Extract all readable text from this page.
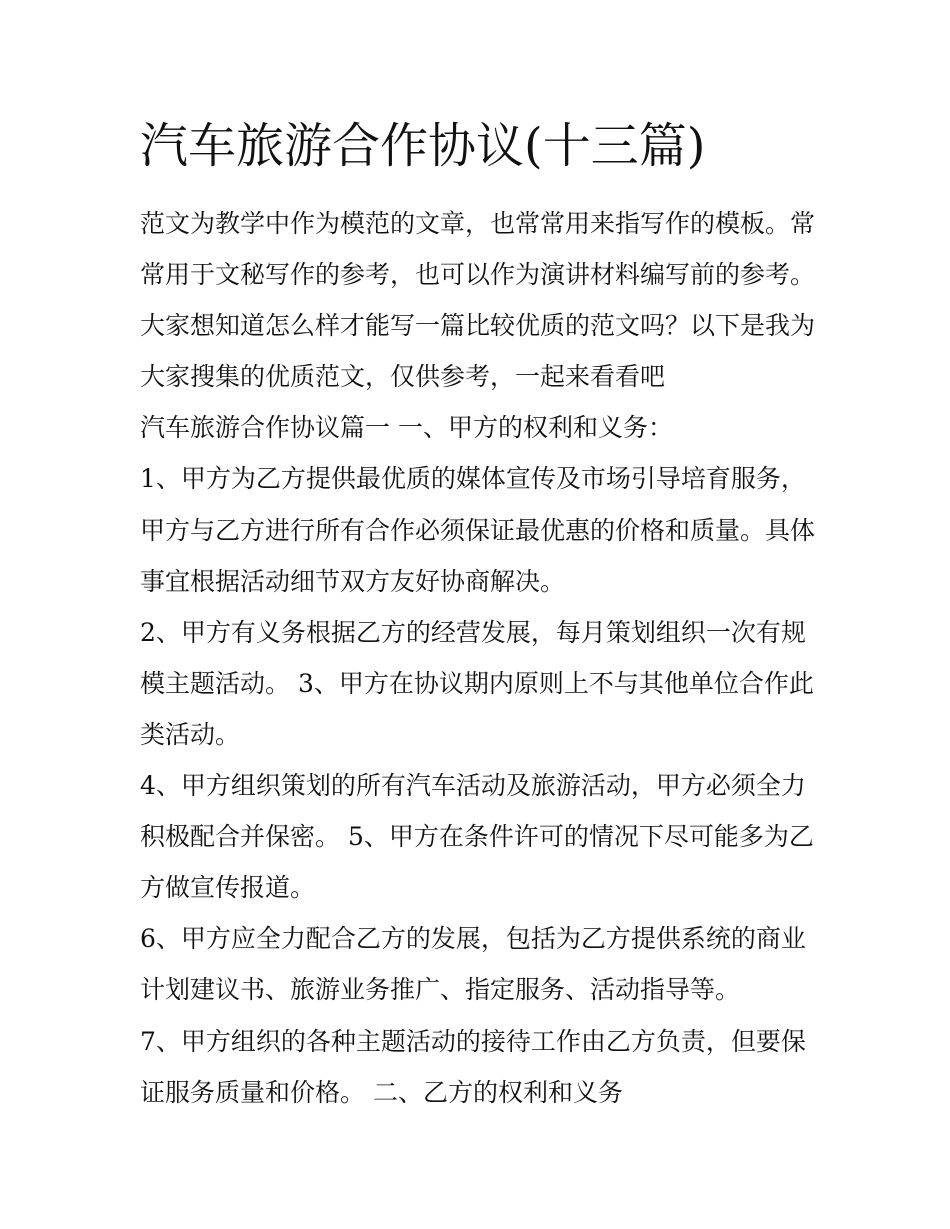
汽车旅游合作协议(十三篇)
范文为教学中作为模范的文章，也常常用来指写作的模板。常
常用于文秘写作的参考，也可以作为演讲材料编写前的参考。
大家想知道怎么样才能写一篇比较优质的范文吗？以下是我为
大家搜集的优质范文，仅供参考，一起来看看吧
汽车旅游合作协议篇一 一、甲方的权利和义务：
1、甲方为乙方提供最优质的媒体宣传及市场引导培育服务，
甲方与乙方进行所有合作必须保证最优惠的价格和质量。具体
事宜根据活动细节双方友好协商解决。
2、甲方有义务根据乙方的经营发展，每月策划组织一次有规
模主题活动。 3、甲方在协议期内原则上不与其他单位合作此
类活动。
4、甲方组织策划的所有汽车活动及旅游活动，甲方必须全力
积极配合并保密。 5、甲方在条件许可的情况下尽可能多为乙
方做宣传报道。
6、甲方应全力配合乙方的发展，包括为乙方提供系统的商业
计划建议书、旅游业务推广、指定服务、活动指导等。
7、甲方组织的各种主题活动的接待工作由乙方负责，但要保
证服务质量和价格。 二、乙方的权利和义务
